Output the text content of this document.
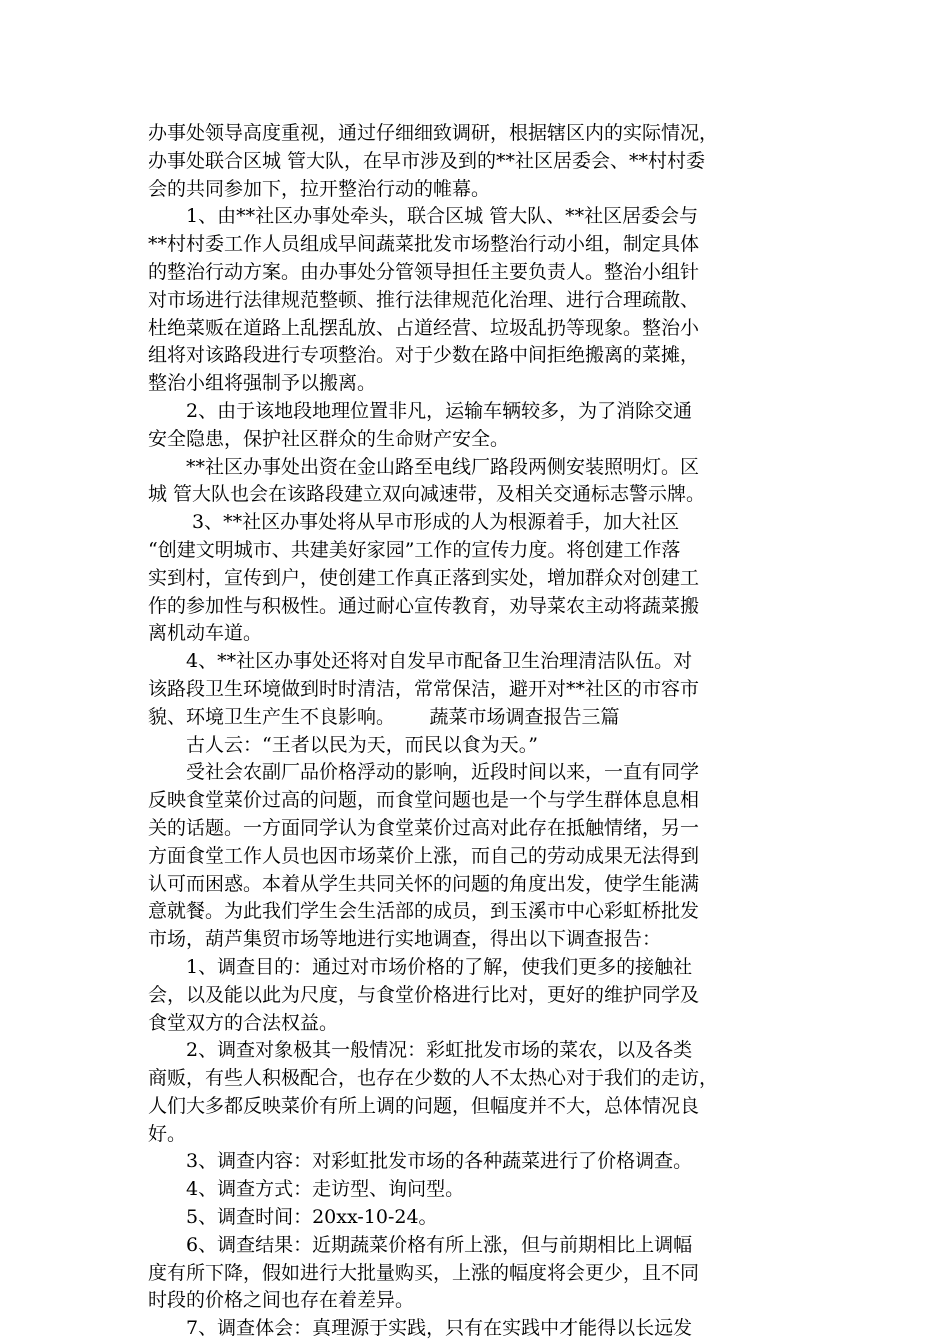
办事处领导高度重视，通过仔细细致调研，根据辖区内的实际情况，
办事处联合区城 管大队，在早市涉及到的**社区居委会、**村村委
会的共同参加下，拉开整治行动的帷幕。
　　1、由**社区办事处牵头，联合区城 管大队、**社区居委会与
**村村委工作人员组成早间蔬菜批发市场整治行动小组，制定具体
的整治行动方案。由办事处分管领导担任主要负责人。整治小组针
对市场进行法律规范整顿、推行法律规范化治理、进行合理疏散、
杜绝菜贩在道路上乱摆乱放、占道经营、垃圾乱扔等现象。整治小
组将对该路段进行专项整治。对于少数在路中间拒绝搬离的菜摊，
整治小组将强制予以搬离。
　　2、由于该地段地理位置非凡，运输车辆较多，为了消除交通
安全隐患，保护社区群众的生命财产安全。
　　**社区办事处出资在金山路至电线厂路段两侧安装照明灯。区
城 管大队也会在该路段建立双向减速带，及相关交通标志警示牌。
　　 3、**社区办事处将从早市形成的人为根源着手，加大社区
“创建文明城市、共建美好家园”工作的宣传力度。将创建工作落
实到村，宣传到户，使创建工作真正落到实处，增加群众对创建工
作的参加性与积极性。通过耐心宣传教育，劝导菜农主动将蔬菜搬
离机动车道。
　　4、**社区办事处还将对自发早市配备卫生治理清洁队伍。对
该路段卫生环境做到时时清洁，常常保洁，避开对**社区的市容市
貌、环境卫生产生不良影响。　　 蔬菜市场调查报告三篇
　　古人云：“王者以民为天，而民以食为天。”
　　受社会农副厂品价格浮动的影响，近段时间以来，一直有同学
反映食堂菜价过高的问题，而食堂问题也是一个与学生群体息息相
关的话题。一方面同学认为食堂菜价过高对此存在抵触情绪，另一
方面食堂工作人员也因市场菜价上涨，而自己的劳动成果无法得到
认可而困惑。本着从学生共同关怀的问题的角度出发，使学生能满
意就餐。为此我们学生会生活部的成员，到玉溪市中心彩虹桥批发
市场，葫芦集贸市场等地进行实地调查，得出以下调查报告：
　　1、调查目的：通过对市场价格的了解，使我们更多的接触社
会，以及能以此为尺度，与食堂价格进行比对，更好的维护同学及
食堂双方的合法权益。
　　2、调查对象极其一般情况：彩虹批发市场的菜农，以及各类
商贩，有些人积极配合，也存在少数的人不太热心对于我们的走访，
人们大多都反映菜价有所上调的问题，但幅度并不大，总体情况良
好。
　　3、调查内容：对彩虹批发市场的各种蔬菜进行了价格调查。
　　4、调查方式：走访型、询问型。
　　5、调查时间：20xx-10-24。
　　6、调查结果：近期蔬菜价格有所上涨，但与前期相比上调幅
度有所下降，假如进行大批量购买，上涨的幅度将会更少，且不同
时段的价格之间也存在着差异。
　　7、调查体会：真理源于实践，只有在实践中才能得以长远发
